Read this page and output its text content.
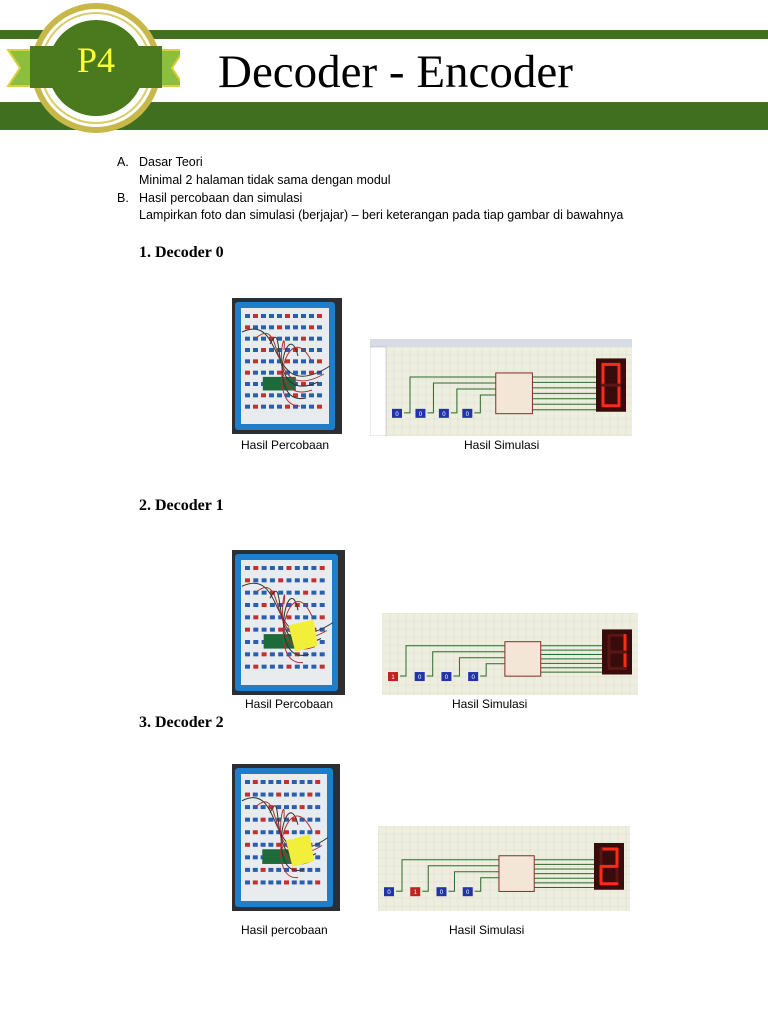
P4	Decoder - Encoder
A. Dasar Teori
Minimal 2 halaman tidak sama dengan modul
B. Hasil percobaan dan simulasi
Lampirkan foto dan simulasi (berjajar) – beri keterangan pada tiap gambar di bawahnya
1. Decoder 0
0	0	0	0
Hasil Percobaan	Hasil Simulasi
2. Decoder 1
1	0	0	0
Hasil Percobaan	Hasil Simulasi
3. Decoder 2
0	1	0	0
Hasil percobaan	Hasil Simulasi
